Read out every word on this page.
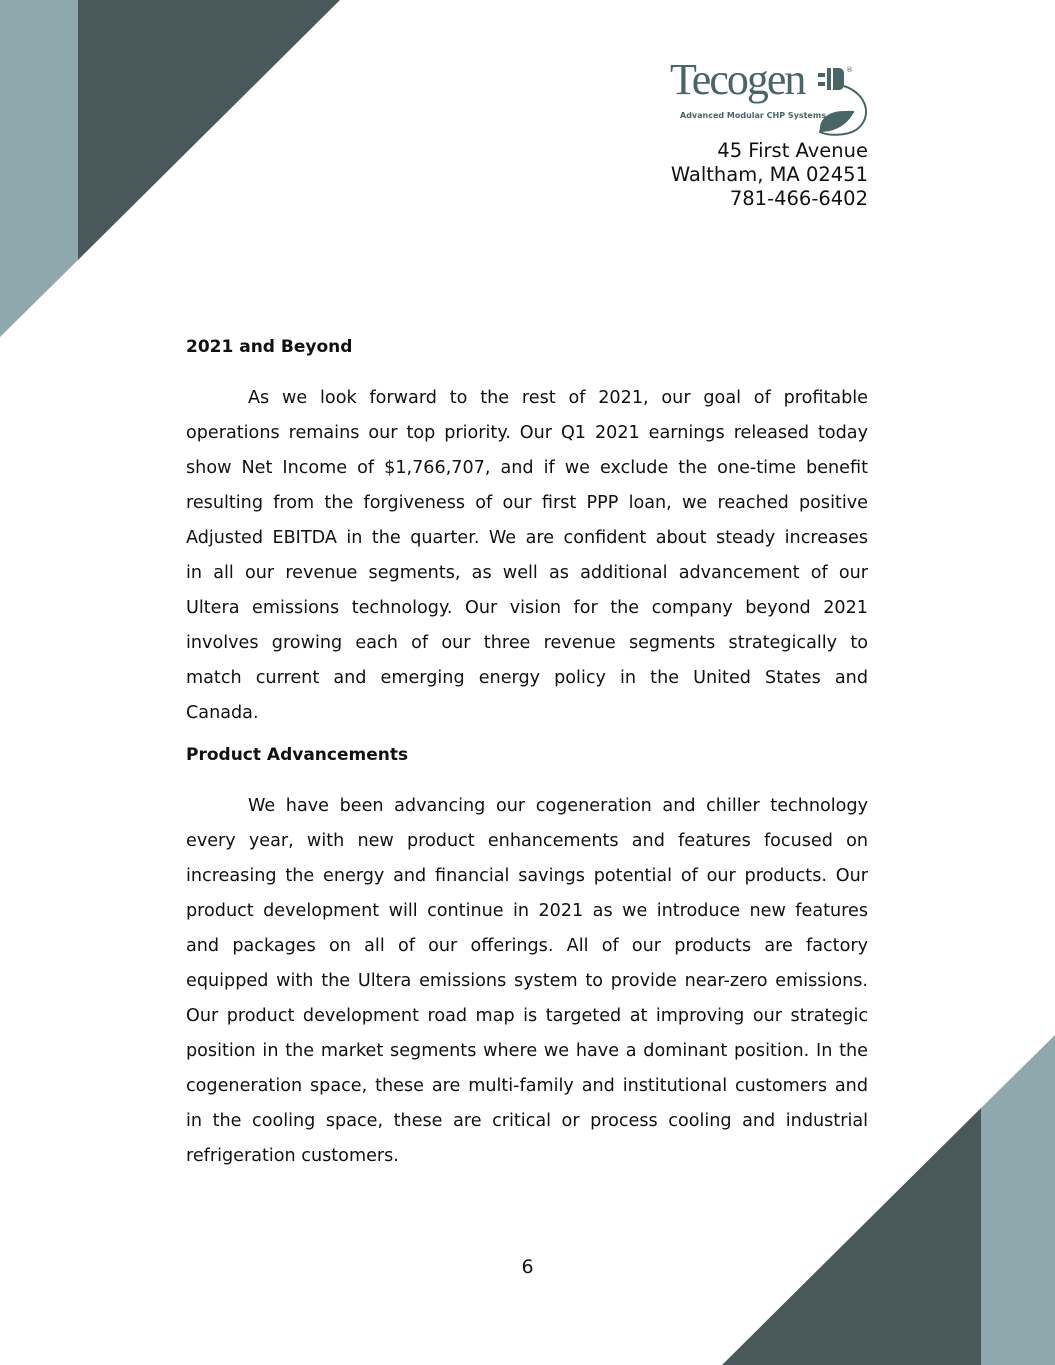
Tecogen	®
Advanced Modular CHP Systems
45 First Avenue
Waltham, MA 02451
781-466-6402
2021 and Beyond
As we look forward to the rest of 2021, our goal of profitable
operations remains our top priority. Our Q1 2021 earnings released today
show Net Income of $1,766,707, and if we exclude the one-time benefit
resulting from the forgiveness of our first PPP loan, we reached positive
Adjusted EBITDA in the quarter. We are confident about steady increases
in all our revenue segments, as well as additional advancement of our
Ultera emissions technology. Our vision for the company beyond 2021
involves growing each of our three revenue segments strategically to
match current and emerging energy policy in the United States and
Canada.
Product Advancements
We have been advancing our cogeneration and chiller technology
every year, with new product enhancements and features focused on
increasing the energy and financial savings potential of our products. Our
product development will continue in 2021 as we introduce new features
and packages on all of our offerings. All of our products are factory
equipped with the Ultera emissions system to provide near-zero emissions.
Our product development road map is targeted at improving our strategic
position in the market segments where we have a dominant position. In the
cogeneration space, these are multi-family and institutional customers and
in the cooling space, these are critical or process cooling and industrial
refrigeration customers.
6
